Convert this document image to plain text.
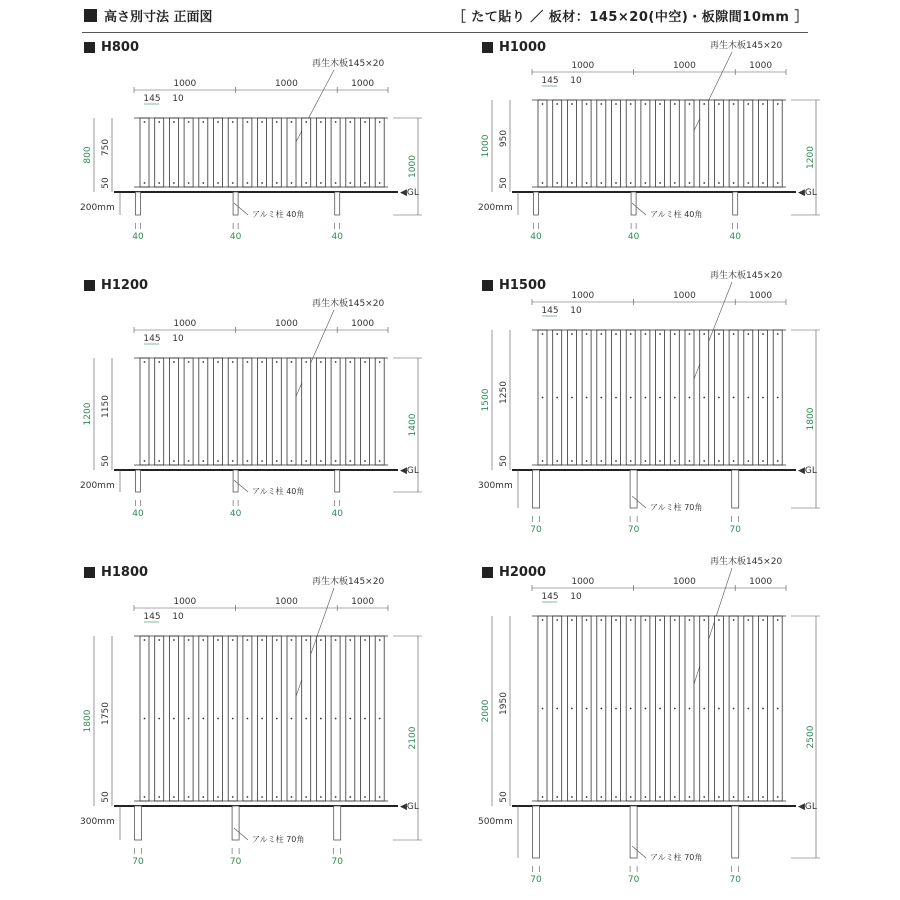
高さ別寸法 正面図	［ たて貼り ／ 板材：145×20(中空)・板隙間10mm ］
H800
1000	1000	1000
145 10
再生木板145×20
◀GL
40	40	40
アルミ柱 40角
800 750
50
200mm
1000
H1000
1000	1000	1000
145 10
再生木板145×20
◀GL
40	40	40
アルミ柱 40角
1000 950
50
200mm
1200
H1200
1000	1000	1000
145 10
再生木板145×20
◀GL
40	40	40
アルミ柱 40角
1200 1150
50
200mm
1400
H1500
1000	1000	1000
145 10
再生木板145×20
◀GL
70	70	70
アルミ柱 70角
1500 1250
50
300mm
1800
H1800
1000	1000	1000
145 10
再生木板145×20
◀GL
70	70	70
アルミ柱 70角
1800 1750
50
300mm
2100
H2000
1000	1000	1000
145 10
再生木板145×20
◀GL
70	70	70
アルミ柱 70角
2000 1950
50
500mm
2500
